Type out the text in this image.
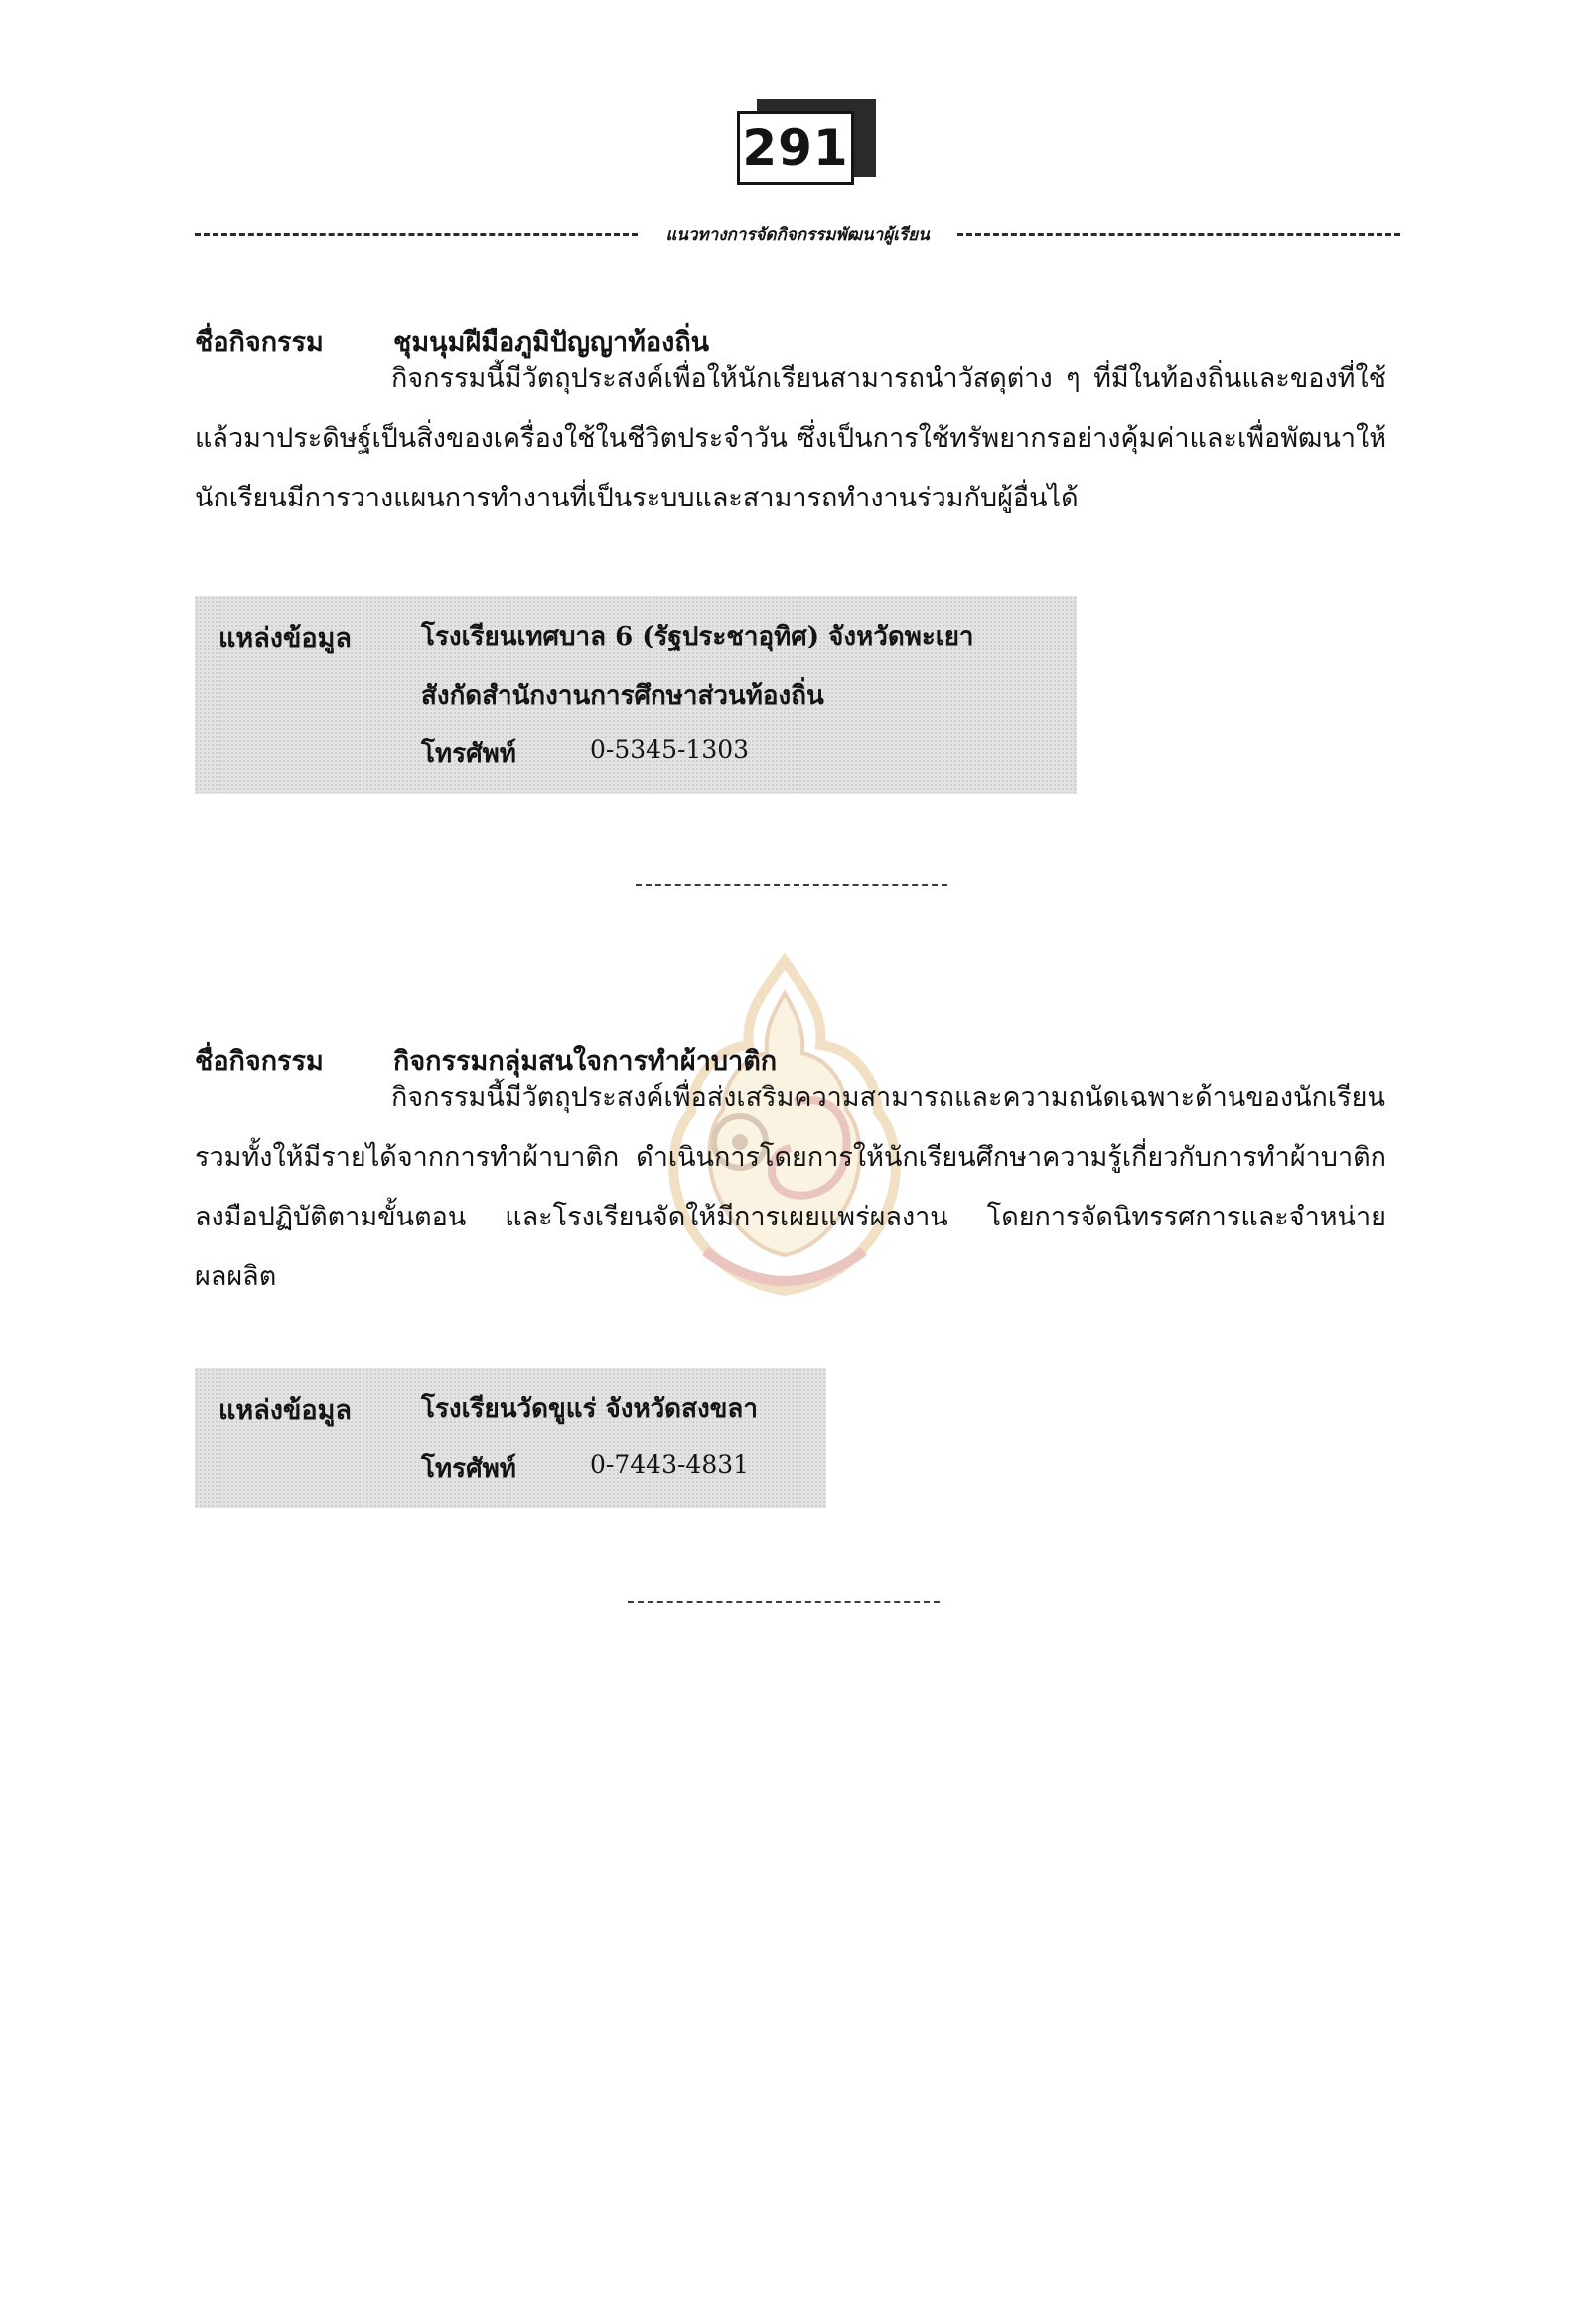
291
แนวทางการจัดกิจกรรมพัฒนาผู้เรียน
ชื่อกิจกรรม	ชุมนุมฝีมือภูมิปัญญาท้องถิ่น

กิจกรรมนี้มีวัตถุประสงค์เพื่อให้นักเรียนสามารถนำวัสดุต่าง ๆ ที่มีในท้องถิ่นและของที่ใช้แล้วมาประดิษฐ์เป็นสิ่งของเครื่องใช้ในชีวิตประจำวัน ซึ่งเป็นการใช้ทรัพยากรอย่างคุ้มค่าและเพื่อพัฒนาให้นักเรียนมีการวางแผนการทำงานที่เป็นระบบและสามารถทำงานร่วมกับผู้อื่นได้

แหล่งข้อมูล	โรงเรียนเทศบาล 6 (รัฐประชาอุทิศ) จังหวัดพะเยา
สังกัดสำนักงานการศึกษาส่วนท้องถิ่น
โทรศัพท์	0-5345-1303
ชื่อกิจกรรม	กิจกรรมกลุ่มสนใจการทำผ้าบาติก

กิจกรรมนี้มีวัตถุประสงค์เพื่อส่งเสริมความสามารถและความถนัดเฉพาะด้านของนักเรียน รวมทั้งให้มีรายได้จากการทำผ้าบาติก ดำเนินการโดยการให้นักเรียนศึกษาความรู้เกี่ยวกับการทำผ้าบาติก ลงมือปฏิบัติตามขั้นตอน และโรงเรียนจัดให้มีการเผยแพร่ผลงาน โดยการจัดนิทรรศการและจำหน่ายผลผลิต

แหล่งข้อมูล	โรงเรียนวัดขูแร่ จังหวัดสงขลา
โทรศัพท์	0-7443-4831
